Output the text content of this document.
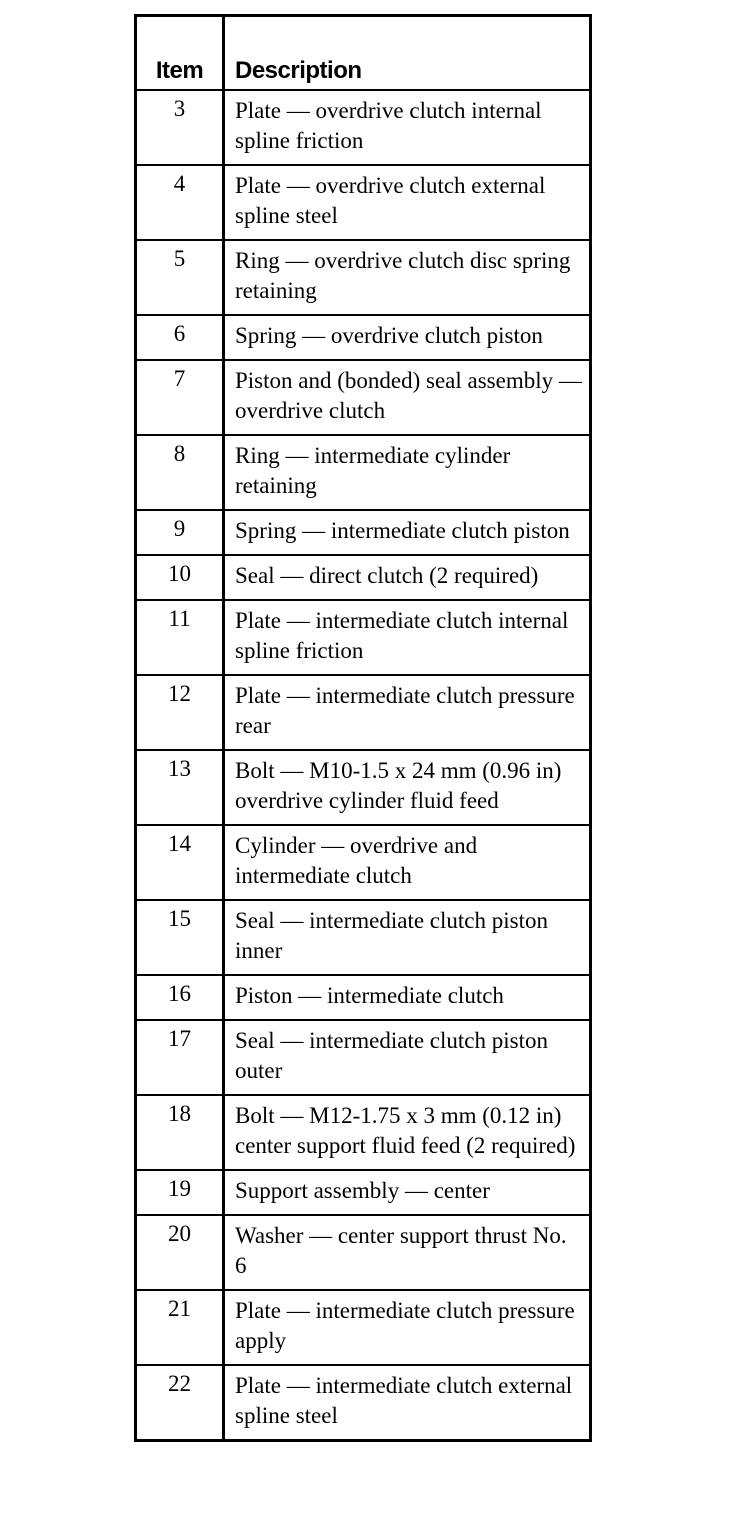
Item	Description
3	Plate — overdrive clutch internal spline friction
4	Plate — overdrive clutch external spline steel
5	Ring — overdrive clutch disc spring retaining
6	Spring — overdrive clutch piston
7	Piston and (bonded) seal assembly — overdrive clutch
8	Ring — intermediate cylinder retaining
9	Spring — intermediate clutch piston
10	Seal — direct clutch (2 required)
11	Plate — intermediate clutch internal spline friction
12	Plate — intermediate clutch pressure rear
13	Bolt — M10-1.5 x 24 mm (0.96 in) overdrive cylinder fluid feed
14	Cylinder — overdrive and intermediate clutch
15	Seal — intermediate clutch piston inner
16	Piston — intermediate clutch
17	Seal — intermediate clutch piston outer
18	Bolt — M12-1.75 x 3 mm (0.12 in) center support fluid feed (2 required)
19	Support assembly — center
20	Washer — center support thrust No. 6
21	Plate — intermediate clutch pressure apply
22	Plate — intermediate clutch external spline steel
